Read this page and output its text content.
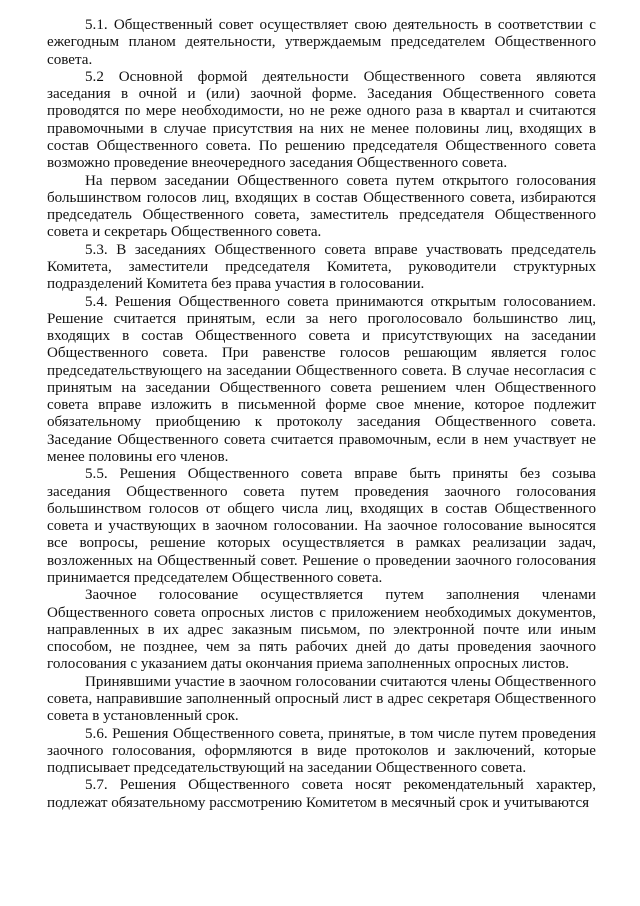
5.1. Общественный совет осуществляет свою деятельность в соответствии с ежегодным планом деятельности, утверждаемым председателем Общественного совета.

5.2 Основной формой деятельности Общественного совета являются заседания в очной и (или) заочной форме. Заседания Общественного совета проводятся по мере необходимости, но не реже одного раза в квартал и считаются правомочными в случае присутствия на них не менее половины лиц, входящих в состав Общественного совета. По решению председателя Общественного совета возможно проведение внеочередного заседания Общественного совета.

На первом заседании Общественного совета путем открытого голосования большинством голосов лиц, входящих в состав Общественного совета, избираются председатель Общественного совета, заместитель председателя Общественного совета и секретарь Общественного совета.

5.3. В заседаниях Общественного совета вправе участвовать председатель Комитета, заместители председателя Комитета, руководители структурных подразделений Комитета без права участия в голосовании.

5.4. Решения Общественного совета принимаются открытым голосованием. Решение считается принятым, если за него проголосовало большинство лиц, входящих в состав Общественного совета и присутствующих на заседании Общественного совета. При равенстве голосов решающим является голос председательствующего на заседании Общественного совета. В случае несогласия с принятым на заседании Общественного совета решением член Общественного совета вправе изложить в письменной форме свое мнение, которое подлежит обязательному приобщению к протоколу заседания Общественного совета. Заседание Общественного совета считается правомочным, если в нем участвует не менее половины его членов.

5.5. Решения Общественного совета вправе быть приняты без созыва заседания Общественного совета путем проведения заочного голосования большинством голосов от общего числа лиц, входящих в состав Общественного совета и участвующих в заочном голосовании. На заочное голосование выносятся все вопросы, решение которых осуществляется в рамках реализации задач, возложенных на Общественный совет. Решение о проведении заочного голосования принимается председателем Общественного совета.

Заочное голосование осуществляется путем заполнения членами Общественного совета опросных листов с приложением необходимых документов, направленных в их адрес заказным письмом, по электронной почте или иным способом, не позднее, чем за пять рабочих дней до даты проведения заочного голосования с указанием даты окончания приема заполненных опросных листов.

Принявшими участие в заочном голосовании считаются члены Общественного совета, направившие заполненный опросный лист в адрес секретаря Общественного совета в установленный срок.

5.6. Решения Общественного совета, принятые, в том числе путем проведения заочного голосования, оформляются в виде протоколов и заключений, которые подписывает председательствующий на заседании Общественного совета.

5.7. Решения Общественного совета носят рекомендательный характер, подлежат обязательному рассмотрению Комитетом в месячный срок и учитываются
